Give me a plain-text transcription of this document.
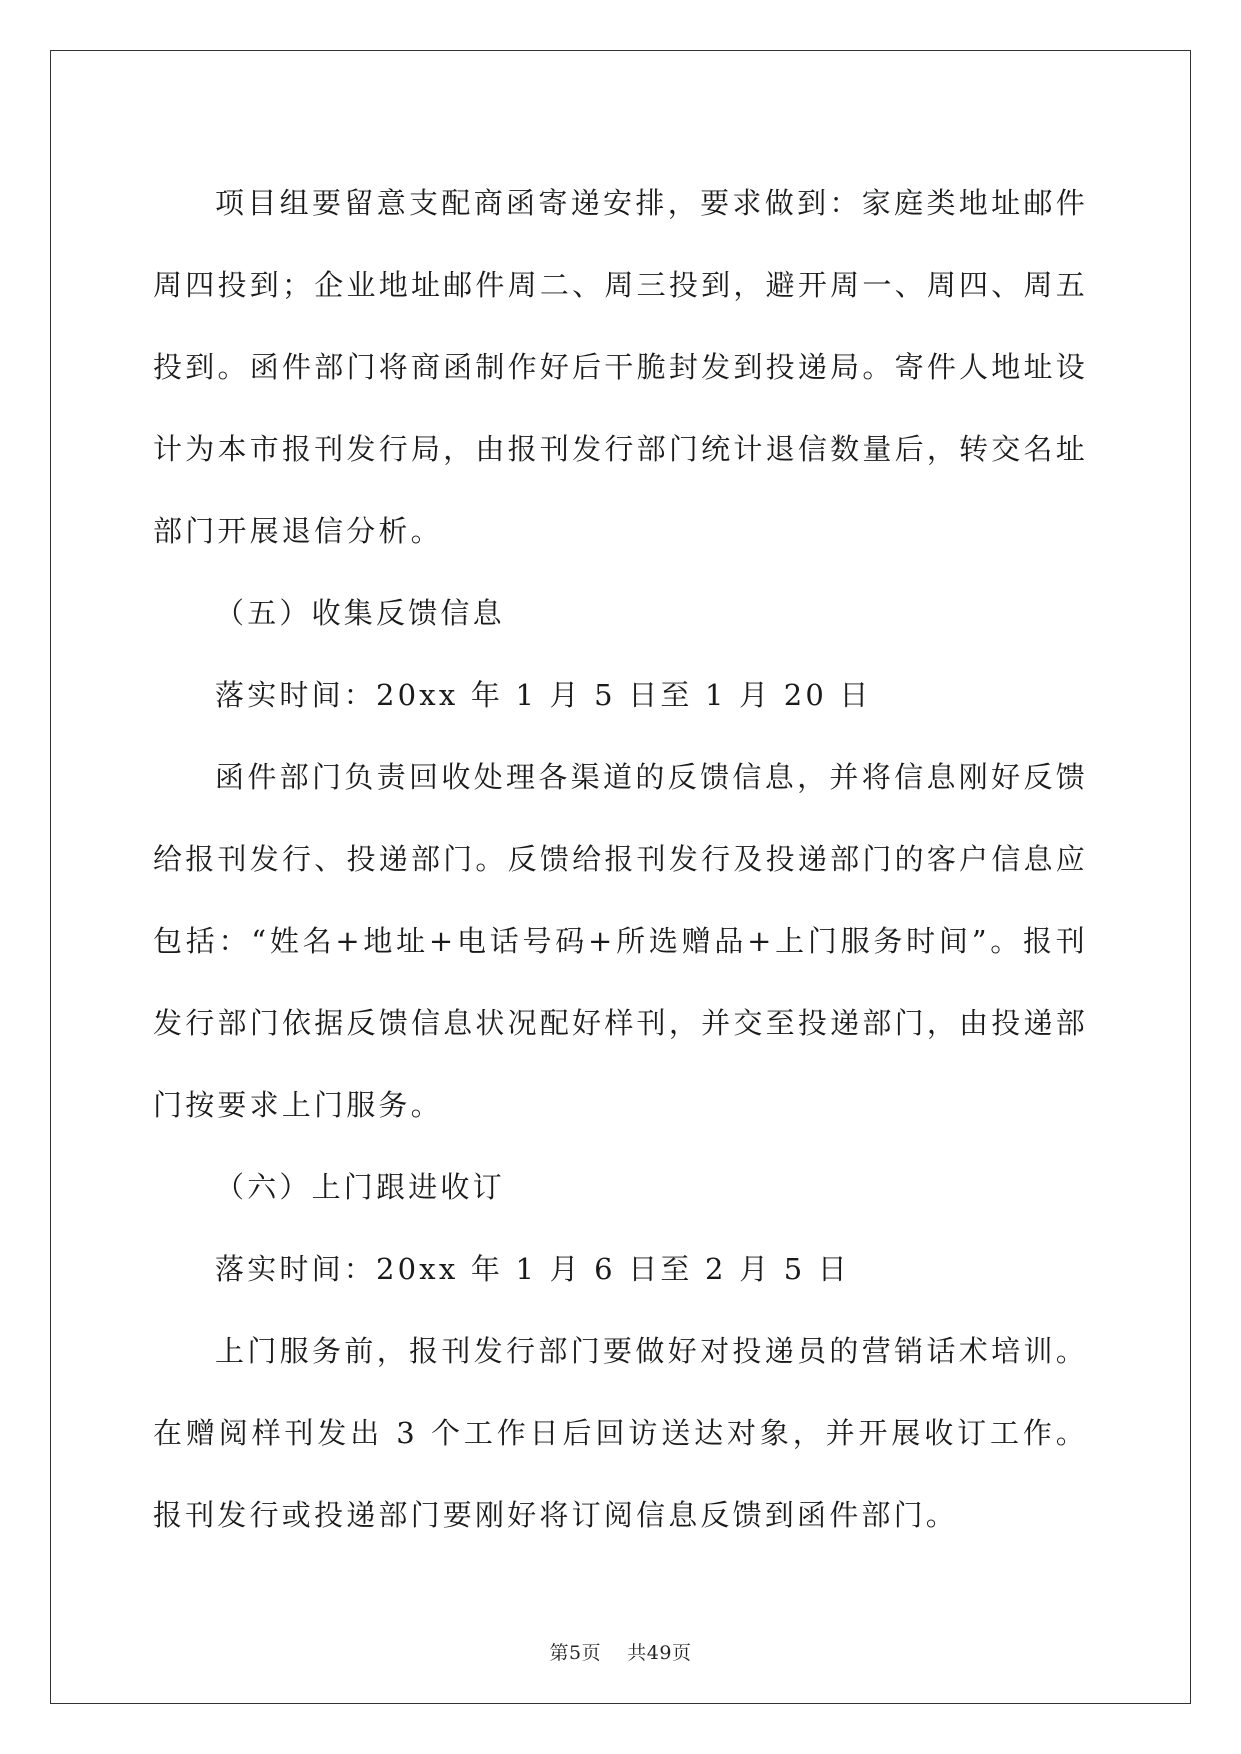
项目组要留意支配商函寄递安排，要求做到：家庭类地址邮件周四投到；企业地址邮件周二、周三投到，避开周一、周四、周五投到。函件部门将商函制作好后干脆封发到投递局。寄件人地址设计为本市报刊发行局，由报刊发行部门统计退信数量后，转交名址部门开展退信分析。

（五）收集反馈信息

落实时间：20xx 年 1 月 5 日至 1 月 20 日

函件部门负责回收处理各渠道的反馈信息，并将信息刚好反馈给报刊发行、投递部门。反馈给报刊发行及投递部门的客户信息应包括：“姓名+地址+电话号码+所选赠品+上门服务时间”。报刊发行部门依据反馈信息状况配好样刊，并交至投递部门，由投递部门按要求上门服务。

（六）上门跟进收订

落实时间：20xx 年 1 月 6 日至 2 月 5 日

上门服务前，报刊发行部门要做好对投递员的营销话术培训。在赠阅样刊发出 3 个工作日后回访送达对象，并开展收订工作。报刊发行或投递部门要刚好将订阅信息反馈到函件部门。

第5页 共49页
